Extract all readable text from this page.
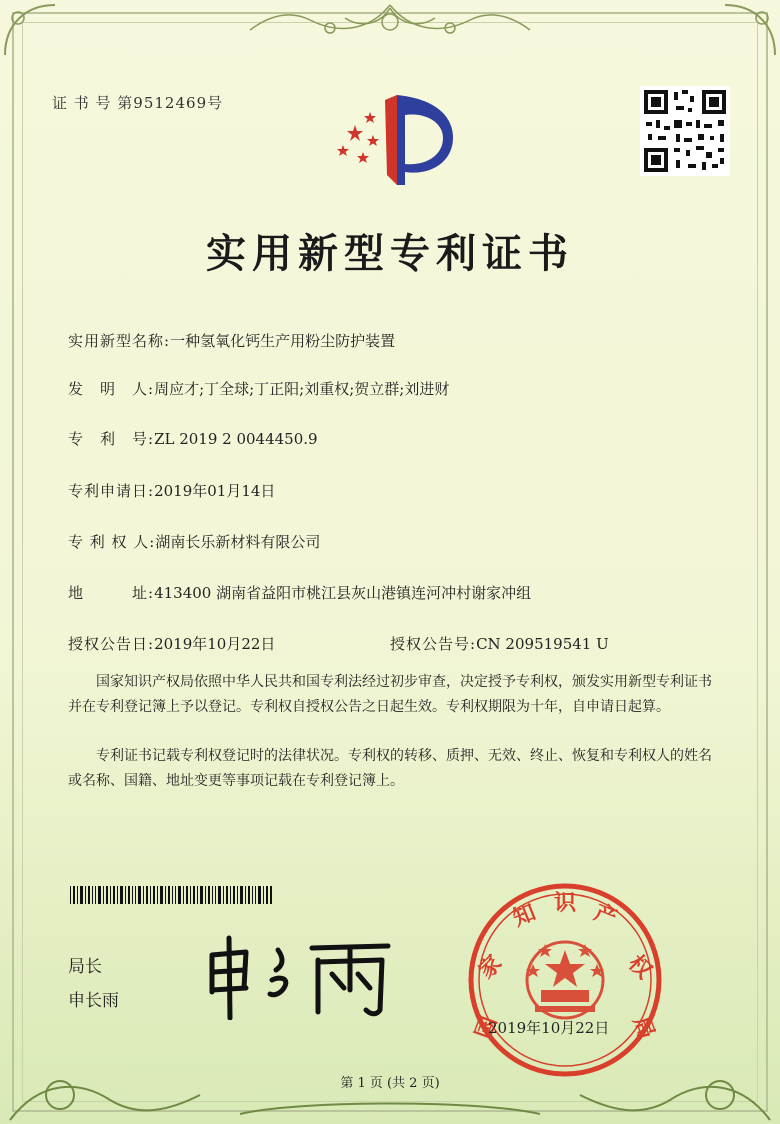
证 书 号 第9512469号
实用新型专利证书
实用新型名称:一种氢氧化钙生产用粉尘防护装置
发　明　人:周应才;丁全球;丁正阳;刘重权;贺立群;刘进财
专　利　号:ZL 2019 2 0044450.9
专利申请日:2019年01月14日
专 利 权 人:湖南长乐新材料有限公司
地　　　址:413400 湖南省益阳市桃江县灰山港镇连河冲村谢家冲组
授权公告日:2019年10月22日	授权公告号:CN 209519541 U
国家知识产权局依照中华人民共和国专利法经过初步审查，决定授予专利权，颁发实用新型专利证书并在专利登记簿上予以登记。专利权自授权公告之日起生效。专利权期限为十年，自申请日起算。
专利证书记载专利权登记时的法律状况。专利权的转移、质押、无效、终止、恢复和专利权人的姓名或名称、国籍、地址变更等事项记载在专利登记簿上。
局长
申长雨
国
家
知 识 产
权
局
2019年10月22日
第 1 页 (共 2 页)
